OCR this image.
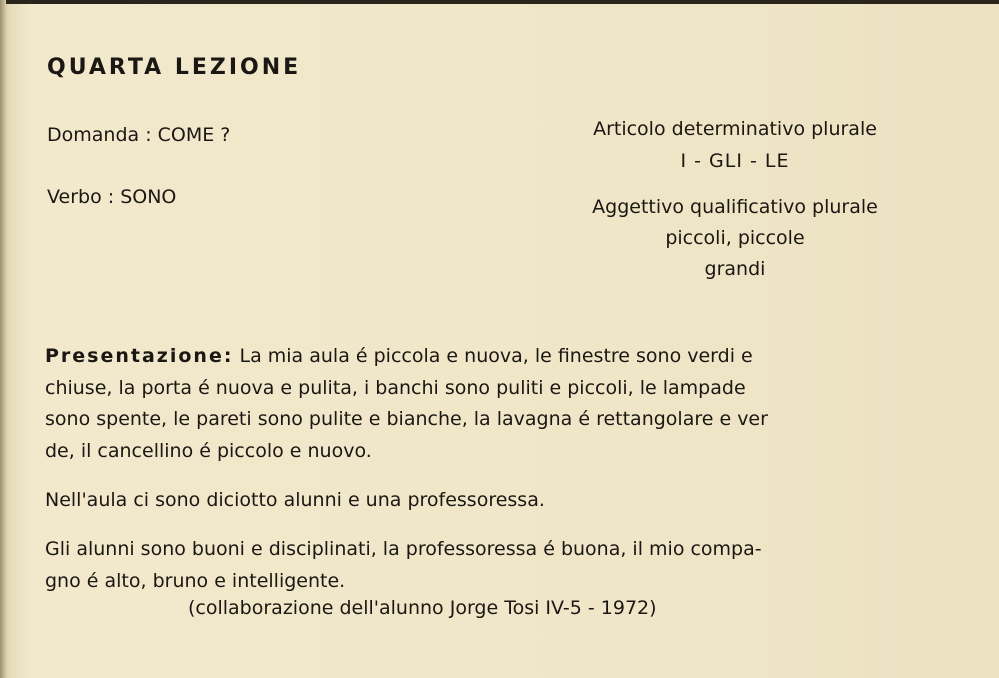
QUARTA LEZIONE
Domanda : COME ?
Verbo : SONO
Articolo determinativo plurale
I - GLI - LE
Aggettivo qualificativo plurale
piccoli, piccole
grandi
Presentazione: La mia aula é piccola e nuova, le finestre sono verdi e
chiuse, la porta é nuova e pulita, i banchi sono puliti e piccoli, le lampade
sono spente, le pareti sono pulite e bianche, la lavagna é rettangolare e ver
de, il cancellino é piccolo e nuovo.
Nell'aula ci sono diciotto alunni e una professoressa.
Gli alunni sono buoni e disciplinati, la professoressa é buona, il mio compa-
gno é alto, bruno e intelligente.
(collaborazione dell'alunno Jorge Tosi IV-5 - 1972)
